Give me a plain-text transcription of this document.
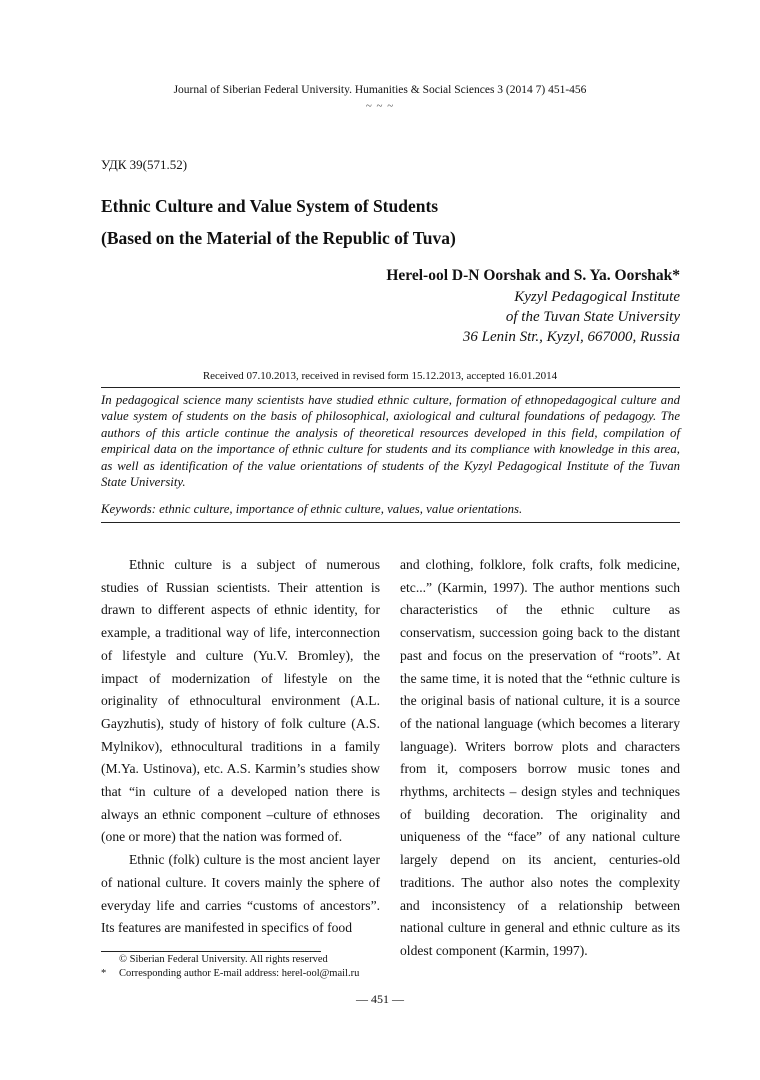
Journal of Siberian Federal University. Humanities & Social Sciences 3 (2014 7) 451-456
~ ~ ~
УДК 39(571.52)
Ethnic Culture and Value System of Students
(Based on the Material of the Republic of Tuva)
Herel-ool D-N Oorshak and S. Ya. Oorshak*
Kyzyl Pedagogical Institute
of the Tuvan State University
36 Lenin Str., Kyzyl, 667000, Russia
Received 07.10.2013, received in revised form 15.12.2013, accepted 16.01.2014
In pedagogical science many scientists have studied ethnic culture, formation of ethnopedagogical culture and value system of students on the basis of philosophical, axiological and cultural foundations of pedagogy. The authors of this article continue the analysis of theoretical resources developed in this field, compilation of empirical data on the importance of ethnic culture for students and its compliance with knowledge in this area, as well as identification of the value orientations of students of the Kyzyl Pedagogical Institute of the Tuvan State University.
Keywords: ethnic culture, importance of ethnic culture, values, value orientations.

Ethnic culture is a subject of numerous studies of Russian scientists. Their attention is drawn to different aspects of ethnic identity, for example, a traditional way of life, interconnection of lifestyle and culture (Yu.V. Bromley), the impact of modernization of lifestyle on the originality of ethnocultural environment (A.L. Gayzhutis), study of history of folk culture (A.S. Mylnikov), ethnocultural traditions in a family (M.Ya. Ustinova), etc. A.S. Karmin’s studies show that “in culture of a developed nation there is always an ethnic component –culture of ethnoses (one or more) that the nation was formed of.

Ethnic (folk) culture is the most ancient layer of national culture. It covers mainly the sphere of everyday life and carries “customs of ancestors”. Its features are manifested in specifics of food

and clothing, folklore, folk crafts, folk medicine, etc...” (Karmin, 1997). The author mentions such characteristics of the ethnic culture as conservatism, succession going back to the distant past and focus on the preservation of “roots”. At the same time, it is noted that the “ethnic culture is the original basis of national culture, it is a source of the national language (which becomes a literary language). Writers borrow plots and characters from it, composers borrow music tones and rhythms, architects – design styles and techniques of building decoration. The originality and uniqueness of the “face” of any national culture largely depend on its ancient, centuries-old traditions. The author also notes the complexity and inconsistency of a relationship between national culture in general and ethnic culture as its oldest component (Karmin, 1997).

© Siberian Federal University. All rights reserved
* Corresponding author E-mail address: herel-ool@mail.ru
— 451 —
